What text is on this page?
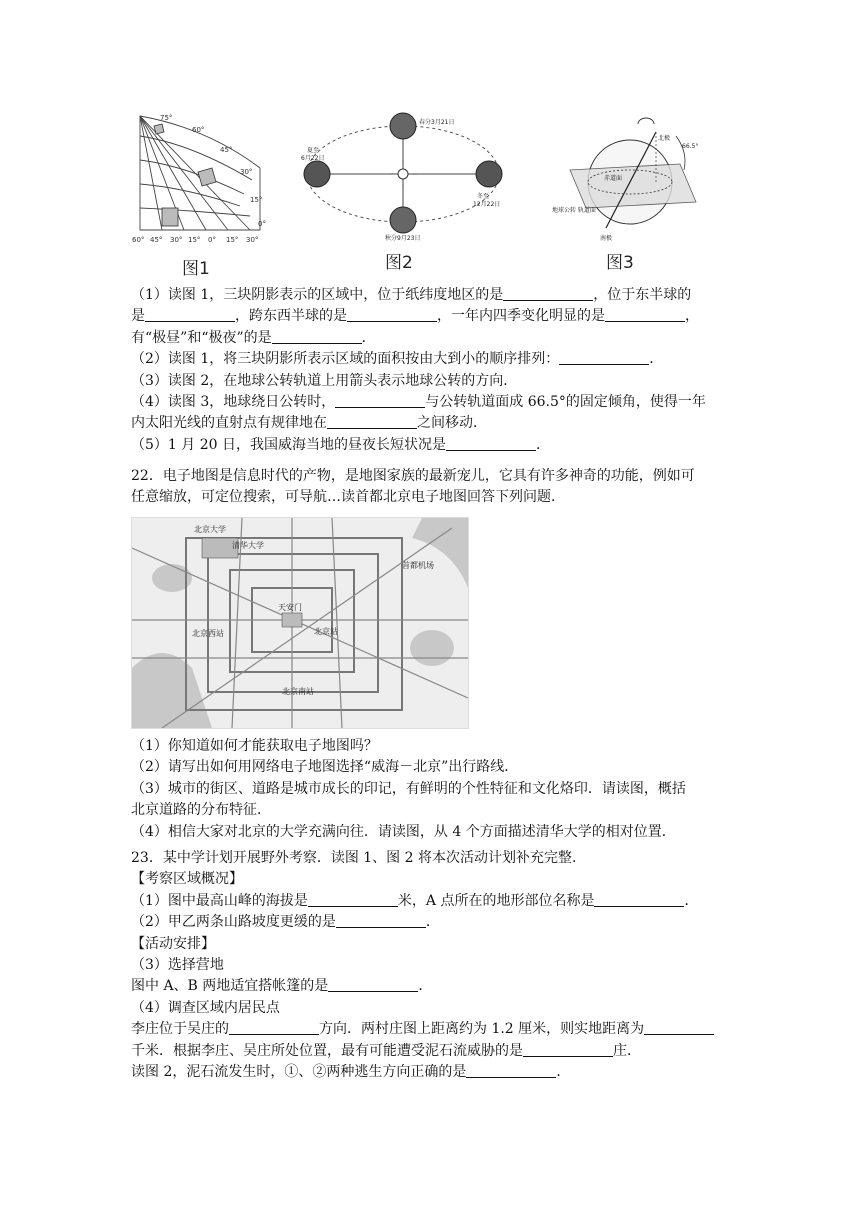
75°
60°
45°
30°
15°
0°
60° 45° 30° 15° 0° 15° 30°
图1
春分3月21日
夏至
6月22日
冬至
12月22日
秋分9月23日
图2
北极
66.5°
赤道面
地球公转 轨道面
南极
图3

（1）读图 1，三块阴影表示的区域中，位于纸纬度地区的是	，位于东半球的

是	，跨东西半球的是	，一年内四季变化明显的是	，

有“极昼”和“极夜”的是	．

（2）读图 1，将三块阴影所表示区域的面积按由大到小的顺序排列：	．

（3）读图 2，在地球公转轨道上用箭头表示地球公转的方向．

（4）读图 3，地球绕日公转时，	与公转轨道面成 66.5°的固定倾角，使得一年

内太阳光线的直射点有规律地在	之间移动．

（5）1 月 20 日，我国威海当地的昼夜长短状况是	．

22．电子地图是信息时代的产物，是地图家族的最新宠儿，它具有许多神奇的功能，例如可

任意缩放，可定位搜索，可导航…读首都北京电子地图回答下列问题．

北京大学
清华大学
天安门
北京站
北京西站
北京南站
首都机场

（1）你知道如何才能获取电子地图吗？

（2）请写出如何用网络电子地图选择“威海－北京”出行路线．

（3）城市的街区、道路是城市成长的印记，有鲜明的个性特征和文化烙印．请读图，概括

北京道路的分布特征．

（4）相信大家对北京的大学充满向往．请读图，从 4 个方面描述清华大学的相对位置．

23．某中学计划开展野外考察．读图 1、图 2 将本次活动计划补充完整．

【考察区域概况】

（1）图中最高山峰的海拔是	米，A 点所在的地形部位名称是	．

（2）甲乙两条山路坡度更缓的是	．

【活动安排】

（3）选择营地

图中 A、B 两地适宜搭帐篷的是	．

（4）调查区域内居民点

李庄位于吴庄的	方向．两村庄图上距离约为 1.2 厘米，则实地距离为

千米．根据李庄、吴庄所处位置，最有可能遭受泥石流威胁的是	庄．

读图 2，泥石流发生时，①、②两种逃生方向正确的是	．
